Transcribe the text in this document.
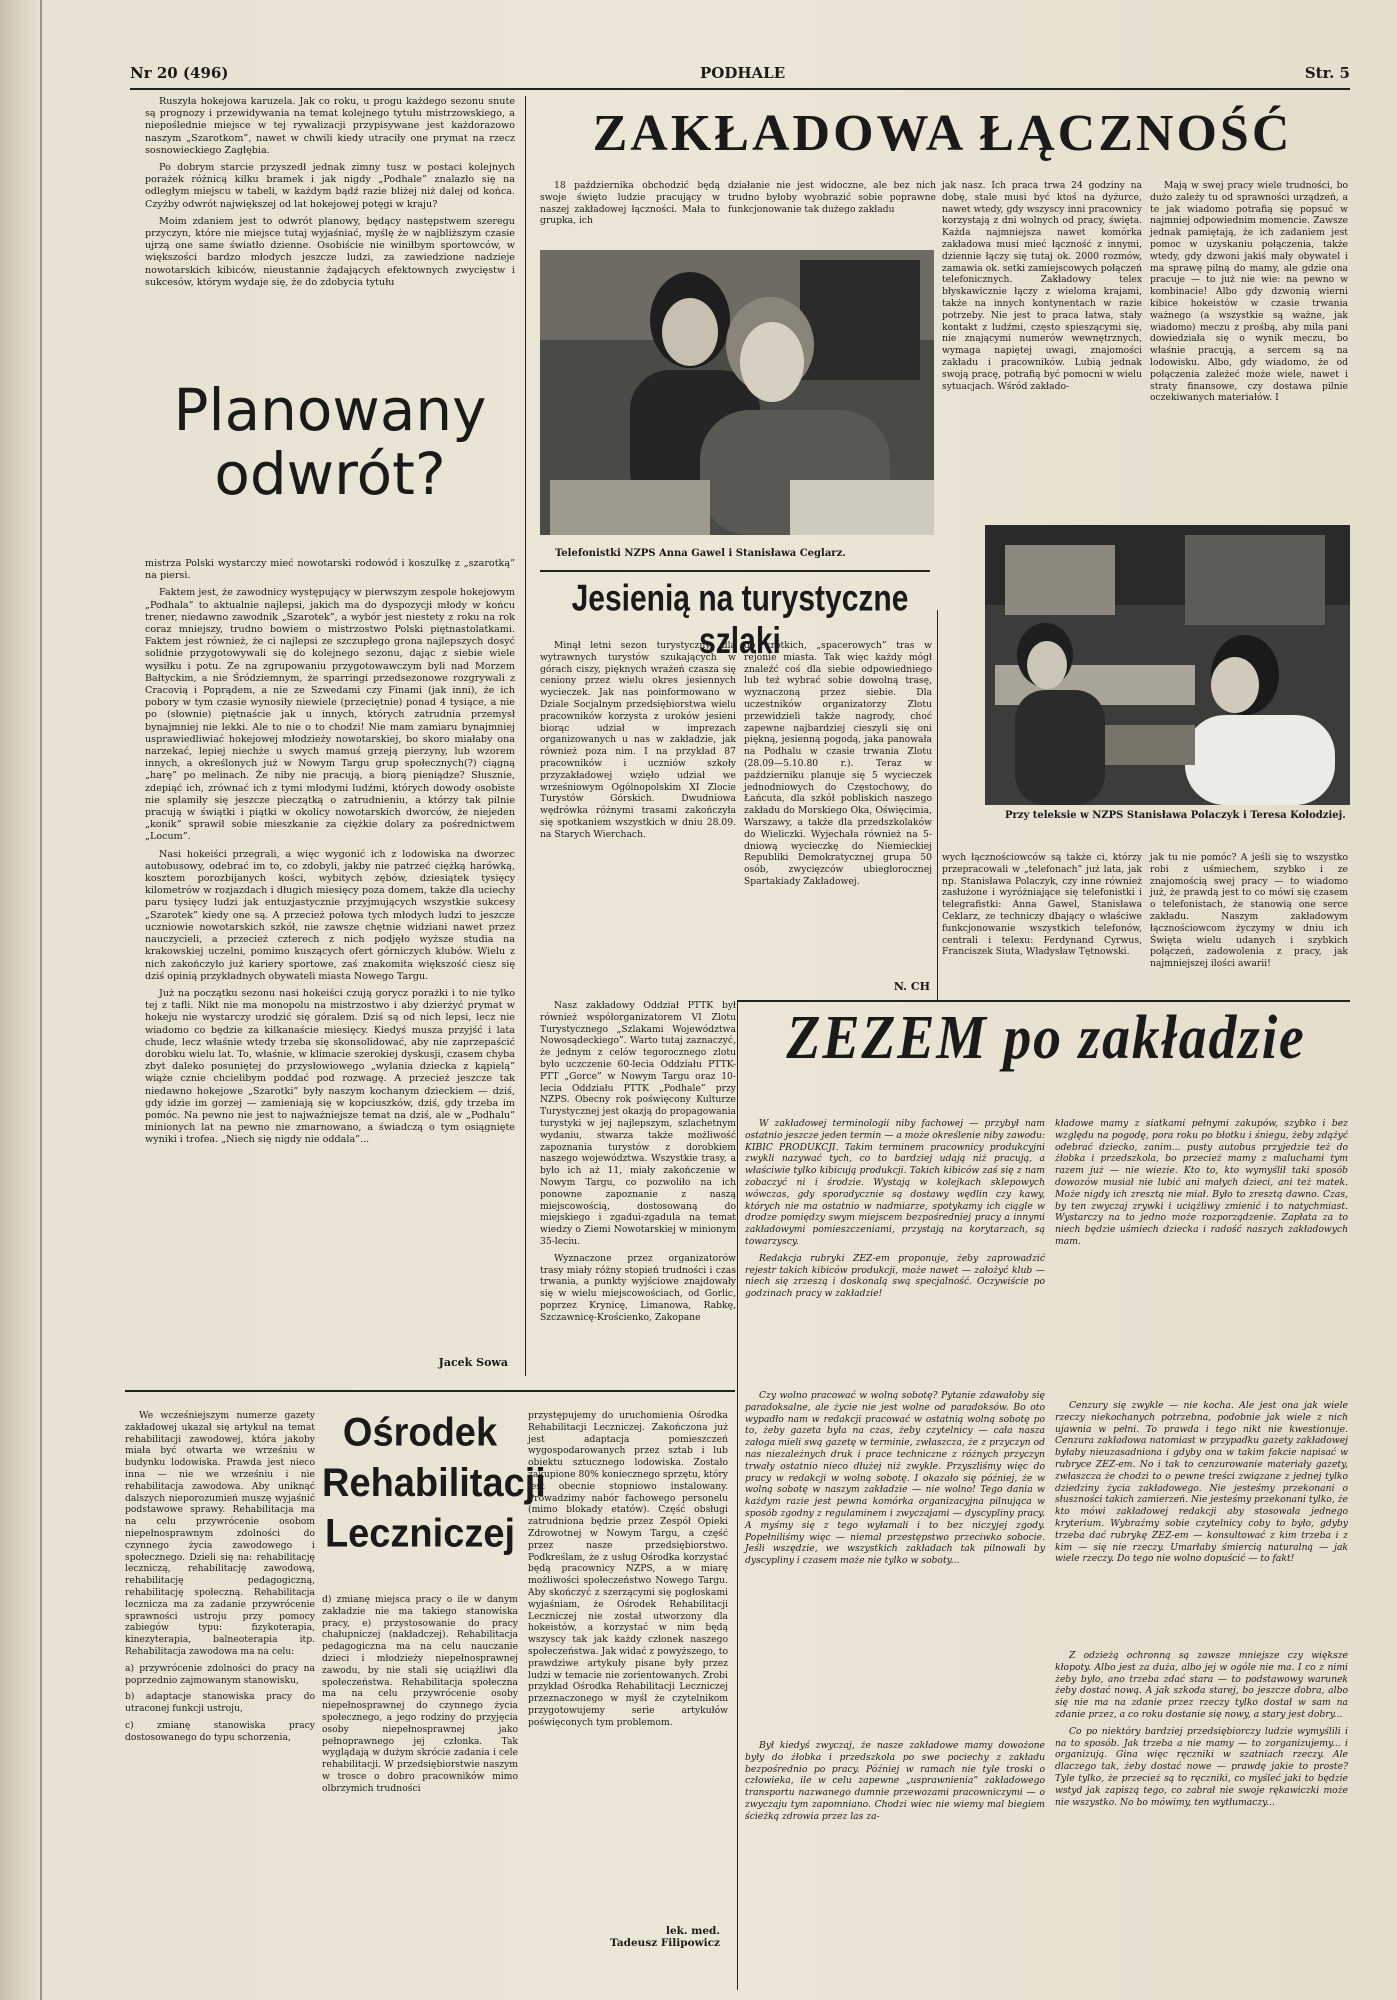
Nr 20 (496)	PODHALE	Str. 5

Ruszyła hokejowa karuzela. Jak co roku, u progu każdego sezonu snute są prognozy i przewidywania na temat kolejnego tytułu mistrzowskiego, a niepoślednie miejsce w tej rywalizacji przypisywane jest każdorazowo naszym „Szarotkom”, nawet w chwili kiedy utraciły one prymat na rzecz sosnowieckiego Zagłębia.

Po dobrym starcie przyszedł jednak zimny tusz w postaci kolejnych porażek różnicą kilku bramek i jak nigdy „Podhale” znalazło się na odległym miejscu w tabeli, w każdym bądź razie bliżej niż dalej od końca. Czyżby odwrót największej od lat hokejowej potęgi w kraju?

Moim zdaniem jest to odwrót planowy, będący następstwem szeregu przyczyn, które nie miejsce tutaj wyjaśniać, myślę że w najbliższym czasie ujrzą one same światło dzienne. Osobiście nie winiłbym sportowców, w większości bardzo młodych jeszcze ludzi, za zawiedzione nadzieje nowotarskich kibiców, nieustannie żądających efektownych zwycięstw i sukcesów, którym wydaje się, że do zdobycia tytułu

Planowany
odwrót?

mistrza Polski wystarczy mieć nowotarski rodowód i koszulkę z „szarotką” na piersi.

Faktem jest, że zawodnicy występujący w pierwszym zespole hokejowym „Podhala” to aktualnie najlepsi, jakich ma do dyspozycji młody w końcu trener, niedawno zawodnik „Szarotek”, a wybór jest niestety z roku na rok coraz mniejszy, trudno bowiem o mistrzostwo Polski piętnastolatkami. Faktem jest również, że ci najlepsi ze szczupłego grona najlepszych dosyć solidnie przygotowywali się do kolejnego sezonu, dając z siebie wiele wysiłku i potu. Ze na zgrupowaniu przygotowawczym byli nad Morzem Bałtyckim, a nie Śródziemnym, że sparringi przedsezonowe rozgrywali z Cracovią i Poprądem, a nie ze Szwedami czy Finami (jak inni), że ich pobory w tym czasie wynosiły niewiele (przeciętnie) ponad 4 tysiące, a nie po (słownie) piętnaście jak u innych, których zatrudnia przemysł bynajmniej nie lekki. Ale to nie o to chodzi! Nie mam zamiaru bynajmniej usprawiedliwiać hokejowej młodzieży nowotarskiej, bo skoro miałaby ona narzekać, lepiej niechże u swych mamuś grzeją pierzyny, lub wzorem innych, a określonych już w Nowym Targu grup społecznych(?) ciągną „harę” po melinach. Że niby nie pracują, a biorą pieniądze? Słusznie, zdepiąć ich, zrównać ich z tymi młodymi ludźmi, których dowody osobiste nie splamiły się jeszcze pieczątką o zatrudnieniu, a którzy tak pilnie pracują w świątki i piątki w okolicy nowotarskich dworców, że niejeden „konik” sprawił sobie mieszkanie za ciężkie dolary za pośrednictwem „Locum”.

Nasi hokeiści przegrali, a więc wygonić ich z lodowiska na dworzec autobusowy, odebrać im to, co zdobyli, jakby nie patrzeć ciężką harówką, kosztem porozbijanych kości, wybitych zębów, dziesiątek tysięcy kilometrów w rozjazdach i długich miesięcy poza domem, także dla uciechy paru tysięcy ludzi jak entuzjastycznie przyjmujących wszystkie sukcesy „Szarotek” kiedy one są. A przecież połowa tych młodych ludzi to jeszcze uczniowie nowotarskich szkół, nie zawsze chętnie widziani nawet przez nauczycieli, a przecież czterech z nich podjęło wyższe studia na krakowskiej uczelni, pomimo kuszących ofert górniczych klubów. Wielu z nich zakończyło już kariery sportowe, zaś znakomita większość ciesz się dziś opinią przykładnych obywateli miasta Nowego Targu.

Już na początku sezonu nasi hokeiści czują gorycz porażki i to nie tylko tej z tafli. Nikt nie ma monopolu na mistrzostwo i aby dzierżyć prymat w hokeju nie wystarczy urodzić się góralem. Dziś są od nich lepsi, lecz nie wiadomo co będzie za kilkanaście miesięcy. Kiedyś musza przyjść i lata chude, lecz właśnie wtedy trzeba się skonsolidować, aby nie zaprzepaścić dorobku wielu lat. To, właśnie, w klimacie szerokiej dyskusji, czasem chyba zbyt daleko posuniętej do przysłowiowego „wylania dziecka z kąpielą” wiąże cznie chcielibym poddać pod rozwagę. A przecież jeszcze tak niedawno hokejowe „Szarotki” były naszym kochanym dzieckiem — dziś, gdy idzie im gorzej — zamieniają się w kopciuszków, dziś, gdy trzeba im pomóc. Na pewno nie jest to najważniejsze temat na dziś, ale w „Podhalu” minionych lat na pewno nie zmarnowano, a świadczą o tym osiągnięte wyniki i trofea. „Niech się nigdy nie oddala”...

Jacek Sowa
ZAKŁADOWA ŁĄCZNOŚĆ

18 października obchodzić będą swoje święto ludzie pracujący w naszej zakładowej łączności. Mała to grupka, ich

działanie nie jest widoczne, ale bez nich trudno byłoby wyobrazić sobie poprawne funkcjonowanie tak dużego zakładu

jak nasz. Ich praca trwa 24 godziny na dobę, stale musi być ktoś na dyżurce, nawet wtedy, gdy wszyscy inni pracownicy korzystają z dni wolnych od pracy, święta. Każda najmniejsza nawet komórka zakładowa musi mieć łączność z innymi, dziennie łączy się tutaj ok. 2000 rozmów, zamawia ok. setki zamiejscowych połączeń telefonicznych. Zakładowy telex błyskawicznie łączy z wieloma krajami, także na innych kontynentach w razie potrzeby. Nie jest to praca łatwa, stały kontakt z ludźmi, często spieszącymi się, nie znającymi numerów wewnętrznych, wymaga napiętej uwagi, znajomości zakładu i pracowników. Lubią jednak swoją pracę, potrafią być pomocni w wielu sytuacjach. Wśród zakłado-

Mają w swej pracy wiele trudności, bo dużo zależy tu od sprawności urządzeń, a te jak wiadomo potrafią się popsuć w najmniej odpowiednim momencie. Zawsze jednak pamiętają, że ich zadaniem jest pomoc w uzyskaniu połączenia, także wtedy, gdy dzwoni jakiś mały obywatel i ma sprawę pilną do mamy, ale gdzie ona pracuje — to już nie wie: na pewno w kombinacie! Albo gdy dzwonią wierni kibice hokeistów w czasie trwania ważnego (a wszystkie są ważne, jak wiadomo) meczu z prośbą, aby mila pani dowiedziała się o wynik meczu, bo właśnie pracują, a sercem są na lodowisku. Albo, gdy wiadomo, że od połączenia zależeć może wiele, nawet i straty finansowe, czy dostawa pilnie oczekiwanych materiałów. I

Telefonistki NZPS Anna Gawel i Stanisława Ceglarz.
Przy teleksie w NZPS Stanisława Polaczyk i Teresa Kołodziej.

wych łącznościowców są także ci, którzy przepracowali w „telefonach” już lata, jak np. Stanisława Polaczyk, czy inne również zasłużone i wyróżniające się telefonistki i telegrafistki: Anna Gawel, Stanisława Ceklarz, ze techniczy dbający o właściwe funkcjonowanie wszystkich telefonów, centrali i telexu: Ferdynand Cyrwus, Franciszek Siuta, Władysław Tętnowski.

jak tu nie pomóc? A jeśli się to wszystko robi z uśmiechem, szybko i ze znajomością swej pracy — to wiadomo już, że prawdą jest to co mówi się czasem o telefonistach, że stanowią one serce zakładu. Naszym zakładowym łącznościowcom życzymy w dniu ich Święta wielu udanych i szybkich połączeń, zadowolenia z pracy, jak najmniejszej ilości awarii!

Jesienią na turystyczne szlaki

Minął letni sezon turystyczny, dla wytrawnych turystów szukających w górach ciszy, pięknych wrażeń czasza się ceniony przez wielu okres jesiennych wycieczek. Jak nas poinformowano w Dziale Socjalnym przedsiębiorstwa wielu pracowników korzysta z uroków jesieni biorąc udział w imprezach organizowanych u nas w zakładzie, jak również poza nim. I na przykład 87 pracowników i uczniów szkoły przyzakładowej wzięło udział we wrześniowym Ogólnopolskim XI Zlocie Turystów Górskich. Dwudniowa wędrówka różnymi trasami zakończyła się spotkaniem wszystkich w dniu 28.09. na Starych Wierchach.

do krótkich, „spacerowych” tras w rejonie miasta. Tak więc każdy mógł znaleźć coś dla siebie odpowiedniego lub też wybrać sobie dowolną trasę, wyznaczoną przez siebie. Dla uczestników organizatorzy Zlotu przewidzieli także nagrody, choć zapewne najbardziej cieszyli się oni piękną, jesienną pogodą, jaka panowała na Podhalu w czasie trwania Zlotu (28.09—5.10.80 r.). Teraz w październiku planuje się 5 wycieczek jednodniowych do Częstochowy, do Łańcuta, dla szkół pobliskich naszego zakładu do Morskiego Oka, Oświęcimia, Warszawy, a także dla przedszkolaków do Wieliczki. Wyjechała również na 5-dniową wycieczkę do Niemieckiej Republiki Demokratycznej grupa 50 osób, zwycięzców ubiegłorocznej Spartakiady Zakładowej.

Nasz zakładowy Oddział PTTK był również współorganizatorem VI Zlotu Turystycznego „Szlakami Województwa Nowosądeckiego”. Warto tutaj zaznaczyć, że jednym z celów tegorocznego zlotu było uczczenie 60-lecia Oddziału PTTK-PTT „Gorce” w Nowym Targu oraz 10-lecia Oddziału PTTK „Podhale” przy NZPS. Obecny rok poświęcony Kulturze Turystycznej jest okazją do propagowania turystyki w jej najlepszym, szlachetnym wydaniu, stwarza także możliwość zapoznania turystów z dorobkiem naszego województwa. Wszystkie trasy, a było ich aż 11, miały zakończenie w Nowym Targu, co pozwoliło na ich ponowne zapoznanie z naszą miejscowością, dostosowaną do miejskiego i zgadui-zgadula na temat wiedzy o Ziemi Nowotarskiej w minionym 35-leciu.

Wyznaczone przez organizatorów trasy miały różny stopień trudności i czas trwania, a punkty wyjściowe znajdowały się w wielu miejscowościach, od Gorlic, poprzez Krynicę, Limanowa, Rabkę, Szczawnicę-Krościenko, Zakopane

N. CH
ZEZEM po zakładzie

W zakładowej terminologii niby fachowej — przybył nam ostatnio jeszcze jeden termin — a może określenie niby zawodu: KIBIC PRODUKCJI. Takim terminem pracownicy produkcyjni zwykli nazywać tych, co to bardziej udają niż pracują, a właściwie tylko kibicują produkcji. Takich kibiców zaś się z nam zobaczyć ni i środzie. Wystają w kolejkach sklepowych wówczas, gdy sporadycznie są dostawy wędlin czy kawy, których nie ma ostatnio w nadmiarze, spotykamy ich ciągle w drodze pomiędzy swym miejscem bezpośredniej pracy a innymi zakładowymi pomieszczeniami, przystają na korytarzach, są towarzyscy.

Redakcja rubryki ZEZ-em proponuje, żeby zaprowadzić rejestr takich kibiców produkcji, może nawet — założyć klub — niech się zrzeszą i doskonalą swą specjalność. Oczywiście po godzinach pracy w zakładzie!

Czy wolno pracować w wolną sobotę? Pytanie zdawałoby się paradoksalne, ale życie nie jest wolne od paradoksów. Bo oto wypadło nam w redakcji pracować w ostatnią wolną sobotę po to, żeby gazeta była na czas, żeby czytelnicy — cała nasza załoga mieli swą gazetę w terminie, zwłaszcza, że z przyczyn od nas niezależnych druk i prace techniczne z różnych przyczyn trwały ostatnio nieco dłużej niż zwykle. Przyszliśmy więc do pracy w redakcji w wolną sobotę. I okazało się później, że w wolną sobotę w naszym zakładzie — nie wolno! Tego dania w każdym razie jest pewna komórka organizacyjna pilnująca w sposób zgodny z regulaminem i zwyczajami — dyscypliny pracy. A myśmy się z tego wyłamali i to bez niczyjej zgody. Popełniliśmy więc — niemal przestępstwo przeciwko sobocie. Jeśli wszędzie, we wszystkich zakładach tak pilnowali by dyscypliny i czasem może nie tylko w soboty...

Był kiedyś zwyczaj, że nasze zakładowe mamy dowożone były do żłobka i przedszkola po swe pociechy z zakładu bezpośrednio po pracy. Później w ramach nie tyle troski o człowieka, ile w celu zapewne „usprawnienia” zakładowego transportu nazwanego dumnie przewozami pracowniczymi — o zwyczaju tym zapomniano. Chodzi wiec nie wiemy mal biegiem ścieżką zdrowia przez las za-

kładowe mamy z siatkami pełnymi zakupów, szybko i bez względu na pogodę, pora roku po błotku i śniegu, żeby zdążyć odebrać dziecko, zanim... pusty autobus przyjedzie też do żłobka i przedszkola, bo przecież mamy z maluchami tym razem już — nie wiezie. Kto to, kto wymyślił taki sposób dowozów musiał nie lubić ani małych dzieci, ani też matek. Może nigdy ich zresztą nie miał. Było to zresztą dawno. Czas, by ten zwyczaj zrywki i uciążliwy zmienić i to natychmiast. Wystarczy na to jedno może rozporządzenie. Zapłata za to niech będzie uśmiech dziecka i radość naszych zakładowych mam.

Cenzury się zwykle — nie kocha. Ale jest ona jak wiele rzeczy niekochanych potrzebna, podobnie jak wiele z nich ujawnia w pełni. To prawda i tego nikt nie kwestionuje. Cenzura zakładowa natomiast w przypadku gazety zakładowej byłaby nieuzasadniona i gdyby ona w takim fakcie napisać w rubryce ZEZ-em. No i tak to cenzurowanie materiały gazety, zwłaszcza że chodzi to o pewne treści związane z jednej tylko dziedziny życia zakładowego. Nie jesteśmy przekonani o słuszności takich zamierzeń. Nie jesteśmy przekonani tylko, że kto mówi zakładowej redakcji aby stosowała jednego kryterium. Wybraźmy sobie czytelnicy coby to było, gdyby trzeba dać rubrykę ZEZ-em — konsultować z kim trzeba i z kim — się nie rzeczy. Umarłaby śmiercią naturalną — jak wiele rzeczy. Do tego nie wolno dopuścić — to fakt!

Z odzieżą ochronną są zawsze mniejsze czy większe kłopoty. Albo jest za duża, albo jej w ogóle nie ma. I co z nimi żeby było, ano trzeba zdać stara — to podstawowy warunek żeby dostać nową. A jak szkoda starej, bo jeszcze dobra, albo się nie ma na zdanie przez rzeczy tylko dostał w sam na zdanie przez, a co roku dostanie się nowy, a stary jest dobry...

Co po niektóry bardziej przedsiębiorczy ludzie wymyślili i na to sposób. Jak trzeba a nie mamy — to zorganizujemy... i organizują. Gina więc ręczniki w szatniach rzeczy. Ale dlaczego tak, żeby dostać nowe — prawdę jakie to proste? Tyle tylko, że przecież są to ręczniki, co myśleć jaki to będzie wstyd jak zapiszą tego, co zabrał nie swoje rękawiczki może nie wszystko. No bo mówimy, ten wytłumaczy...

We wcześniejszym numerze gazety zakładowej ukazał się artykuł na temat rehabilitacji zawodowej, która jakoby miała być otwarta we wrześniu w budynku lodowiska. Prawda jest nieco inna — nie we wrześniu i nie rehabilitacja zawodowa. Aby uniknąć dalszych nieporozumień muszę wyjaśnić podstawowe sprawy. Rehabilitacja ma na celu przywrócenie osobom niepełnosprawnym zdolności do czynnego życia zawodowego i społecznego. Dzieli się na: rehabilitację leczniczą, rehabilitację zawodową, rehabilitację pedagogiczną, rehabilitację społeczną. Rehabilitacja lecznicza ma za zadanie przywrócenie sprawności ustroju przy pomocy zabiegów typu: fizykoterapia, kinezyterapia, balneoterapia itp. Rehabilitacja zawodowa ma na celu:

a) przywrócenie zdolności do pracy na poprzednio zajmowanym stanowisku,

b) adaptacje stanowiska pracy do utraconej funkcji ustroju,

c) zmianę stanowiska pracy dostosowanego do typu schorzenia,

Ośrodek
Rehabilitacji
Leczniczej

d) zmianę miejsca pracy o ile w danym zakładzie nie ma takiego stanowiska pracy, e) przystosowanie do pracy chałupniczej (nakładczej). Rehabilitacja pedagogiczna ma na celu nauczanie dzieci i młodzieży niepełnosprawnej zawodu, by nie stali się uciążliwi dla społeczeństwa. Rehabilitacja społeczna ma na celu przywrócenie osoby niepełnosprawnej do czynnego życia społecznego, a jego rodziny do przyjęcia osoby niepełnosprawnej jako pełnoprawnego jej członka. Tak wyglądają w dużym skrócie zadania i cele rehabilitacji. W przedsiębiorstwie naszym w trosce o dobro pracowników mimo olbrzymich trudności

przystępujemy do uruchomienia Ośrodka Rehabilitacji Leczniczej. Zakończona już jest adaptacja pomieszczeń wygospodarowanych przez sztab i lub obiektu sztucznego lodowiska. Zostało zakupione 80% koniecznego sprzętu, który jest obecnie stopniowo instalowany. Prowadzimy nabór fachowego personelu (mimo blokady etatów). Część obsługi zatrudniona będzie przez Zespół Opieki Zdrowotnej w Nowym Targu, a część przez nasze przedsiębiorstwo. Podkreślam, że z usług Ośrodka korzystać będą pracownicy NZPS, a w miarę możliwości społeczeństwo Nowego Targu. Aby skończyć z szerzącymi się pogłoskami wyjaśniam, że Ośrodek Rehabilitacji Leczniczej nie został utworzony dla hokeistów, a korzystać w nim będą wszyscy tak jak każdy członek naszego społeczeństwa. Jak widać z powyższego, to prawdziwe artykuły pisane były przez ludzi w temacie nie zorientowanych. Zrobi przykład Ośrodka Rehabilitacji Leczniczej przeznaczonego w myśl że czytelnikom przygotowujemy serie artykułów poświęconych tym problemom.

lek. med.
Tadeusz Filipowicz
